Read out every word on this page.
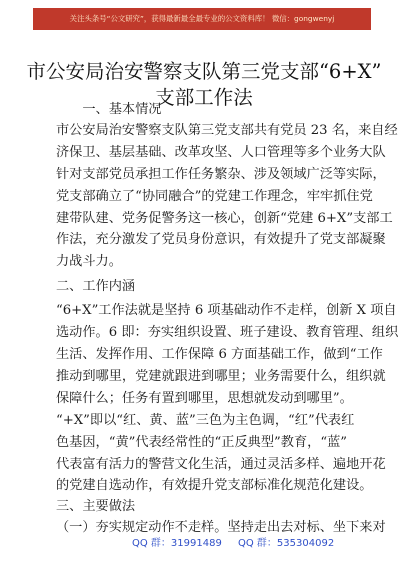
关注头条号“公文研究”，获得最新最全最专业的公文资料库！ 微信：gongwenyj
市公安局治安警察支队第三党支部“6+X”
支部工作法
　　一、基本情况
市公安局治安警察支队第三党支部共有党员 23 名，来自经
济保卫、基层基础、改革攻坚、人口管理等多个业务大队
针对支部党员承担工作任务繁杂、涉及领域广泛等实际，
党支部确立了“协同融合”的党建工作理念，牢牢抓住党
建带队建、党务促警务这一核心，创新“党建 6+X”支部工
作法，充分激发了党员身份意识，有效提升了党支部凝聚
力战斗力。
二、工作内涵
“6+X”工作法就是坚持 6 项基础动作不走样，创新 X 项自
选动作。6 即：夯实组织设置、班子建设、教育管理、组织
生活、发挥作用、工作保障 6 方面基础工作，做到“工作
推动到哪里，党建就跟进到哪里；业务需要什么，组织就
保障什么；任务有置到哪里，思想就发动到哪里”。
“+X”即以“红、黄、蓝”三色为主色调，“红”代表红
色基因，“黄”代表经常性的“正反典型”教育，“蓝”
代表富有活力的警营文化生活，通过灵活多样、遍地开花
的党建自选动作，有效提升党支部标准化规范化建设。
三、主要做法
（一）夯实规定动作不走样。坚持走出去对标、坐下来对
QQ 群：31991489 QQ 群：535304092
